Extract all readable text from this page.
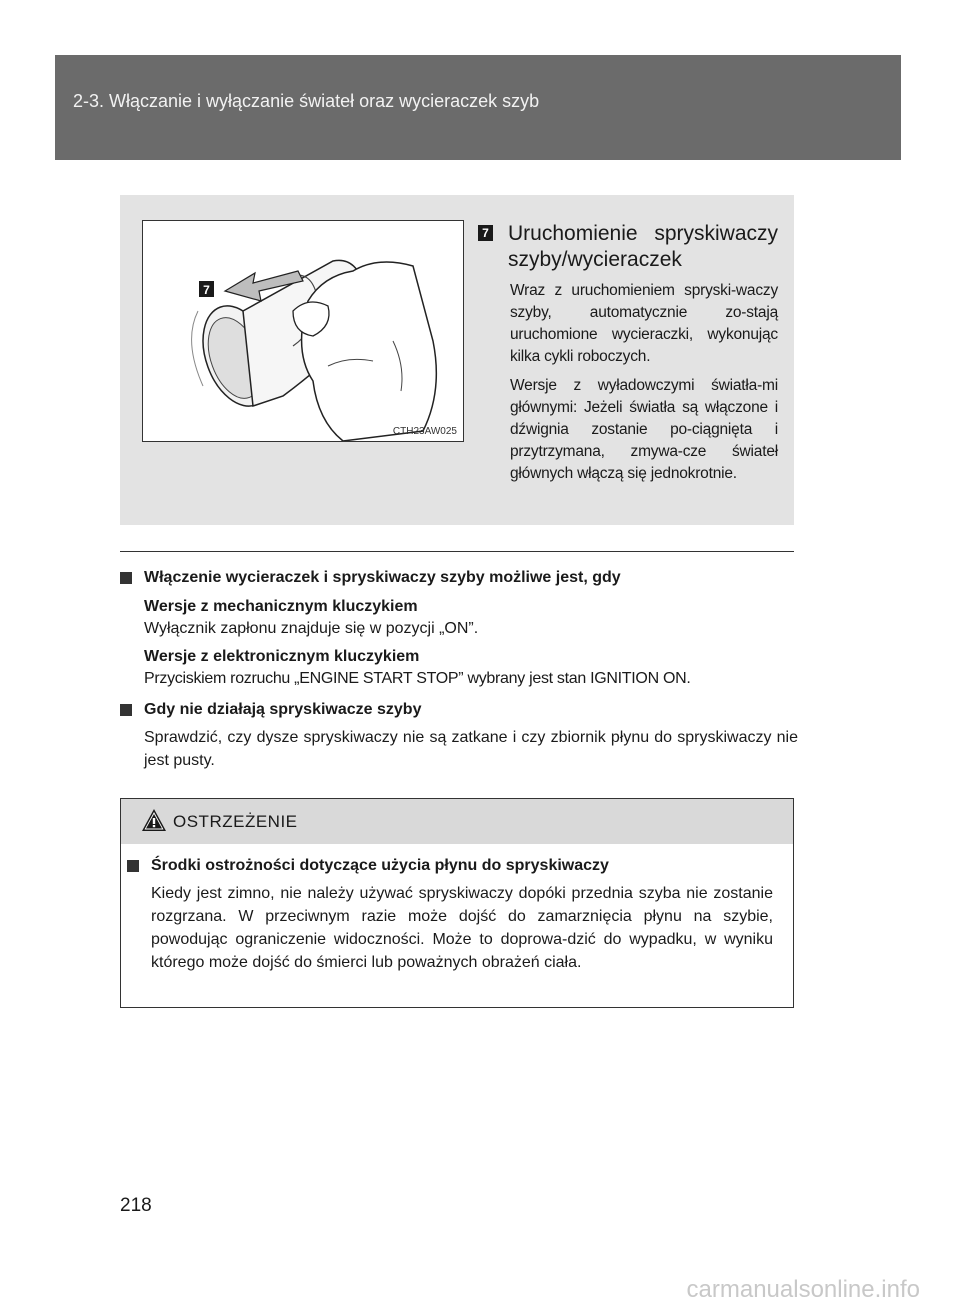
2-3. Włączanie i wyłączanie świateł oraz wycieraczek szyb
7
CTH23AW025
7 Uruchomienie spryskiwaczy
szyby/wycieraczek
Wraz z uruchomieniem spryski-waczy szyby, automatycznie zo-stają uruchomione wycieraczki, wykonując kilka cykli roboczych.
Wersje z wyładowczymi światła-mi głównymi: Jeżeli światła są włączone i dźwignia zostanie po-ciągnięta i przytrzymana, zmywa-cze świateł głównych włączą się jednokrotnie.
Włączenie wycieraczek i spryskiwaczy szyby możliwe jest, gdy
Wersje z mechanicznym kluczykiem
Wyłącznik zapłonu znajduje się w pozycji „ON”.
Wersje z elektronicznym kluczykiem
Przyciskiem rozruchu „ENGINE START STOP” wybrany jest stan IGNITION ON.
Gdy nie działają spryskiwacze szyby
Sprawdzić, czy dysze spryskiwaczy nie są zatkane i czy zbiornik płynu do spryskiwaczy nie jest pusty.
OSTRZEŻENIE
Środki ostrożności dotyczące użycia płynu do spryskiwaczy
Kiedy jest zimno, nie należy używać spryskiwaczy dopóki przednia szyba nie zostanie rozgrzana. W przeciwnym razie może dojść do zamarznięcia płynu na szybie, powodując ograniczenie widoczności. Może to doprowa-dzić do wypadku, w wyniku którego może dojść do śmierci lub poważnych obrażeń ciała.
218
carmanualsonline.info
